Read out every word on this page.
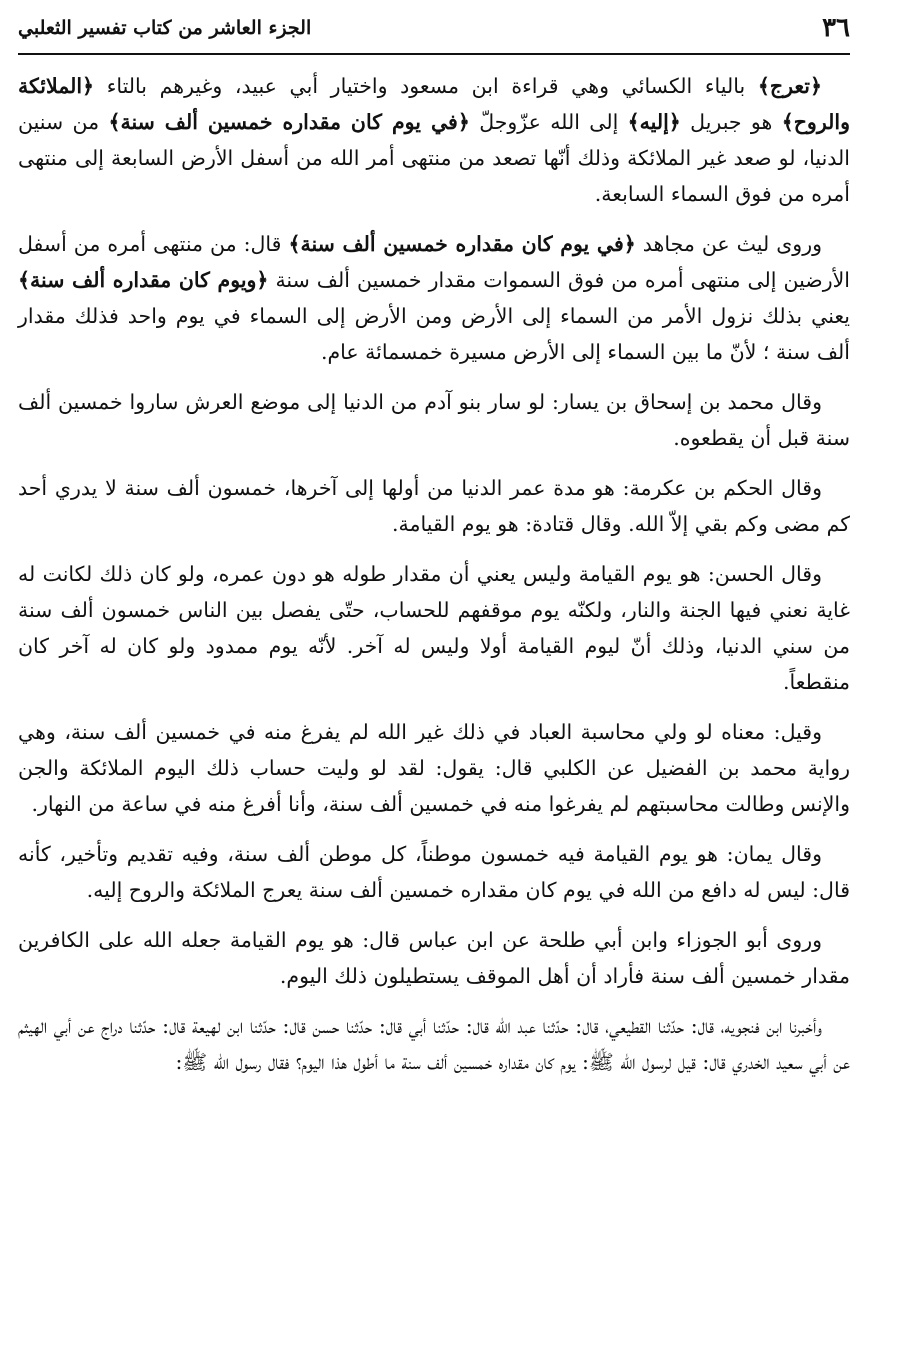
٣٦
الجزء العاشر من كتاب تفسير الثعلبي

﴿تعرج﴾ بالياء الكسائي وهي قراءة ابن مسعود واختيار أبي عبيد، وغيرهم بالتاء ﴿الملائكة والروح﴾ هو جبريل ﴿إليه﴾ إلى الله عزّوجلّ ﴿في يوم كان مقداره خمسين ألف سنة﴾ من سنين الدنيا، لو صعد غير الملائكة وذلك أنّها تصعد من منتهى أمر الله من أسفل الأرض السابعة إلى منتهى أمره من فوق السماء السابعة.

وروى ليث عن مجاهد ﴿في يوم كان مقداره خمسين ألف سنة﴾ قال: من منتهى أمره من أسفل الأرضين إلى منتهى أمره من فوق السموات مقدار خمسين ألف سنة ﴿ويوم كان مقداره ألف سنة﴾ يعني بذلك نزول الأمر من السماء إلى الأرض ومن الأرض إلى السماء في يوم واحد فذلك مقدار ألف سنة ؛ لأنّ ما بين السماء إلى الأرض مسيرة خمسمائة عام.

وقال محمد بن إسحاق بن يسار: لو سار بنو آدم من الدنيا إلى موضع العرش ساروا خمسين ألف سنة قبل أن يقطعوه.

وقال الحكم بن عكرمة: هو مدة عمر الدنيا من أولها إلى آخرها، خمسون ألف سنة لا يدري أحد كم مضى وكم بقي إلاّ الله. وقال قتادة: هو يوم القيامة.

وقال الحسن: هو يوم القيامة وليس يعني أن مقدار طوله هو دون عمره، ولو كان ذلك لكانت له غاية نعني فيها الجنة والنار، ولكنّه يوم موقفهم للحساب، حتّى يفصل بين الناس خمسون ألف سنة من سني الدنيا، وذلك أنّ ليوم القيامة أولا وليس له آخر. لأنّه يوم ممدود ولو كان له آخر كان منقطعاً.

وقيل: معناه لو ولي محاسبة العباد في ذلك غير الله لم يفرغ منه في خمسين ألف سنة، وهي رواية محمد بن الفضيل عن الكلبي قال: يقول: لقد لو وليت حساب ذلك اليوم الملائكة والجن والإنس وطالت محاسبتهم لم يفرغوا منه في خمسين ألف سنة، وأنا أفرغ منه في ساعة من النهار.

وقال يمان: هو يوم القيامة فيه خمسون موطناً، كل موطن ألف سنة، وفيه تقديم وتأخير، كأنه قال: ليس له دافع من الله في يوم كان مقداره خمسين ألف سنة يعرج الملائكة والروح إليه.

وروى أبو الجوزاء وابن أبي طلحة عن ابن عباس قال: هو يوم القيامة جعله الله على الكافرين مقدار خمسين ألف سنة فأراد أن أهل الموقف يستطيلون ذلك اليوم.

وأخبرنا ابن فنجويه، قال: حدّثنا القطيعي، قال: حدّثنا عبد الله قال: حدّثنا أبي قال: حدّثنا حسن قال: حدّثنا ابن لهيعة قال: حدّثنا دراج عن أبي الهيثم عن أبي سعيد الخدري قال: قيل لرسول الله ﷺ: يوم كان مقداره خمسين ألف سنة ما أطول هذا اليوم؟ فقال رسول الله ﷺ:
